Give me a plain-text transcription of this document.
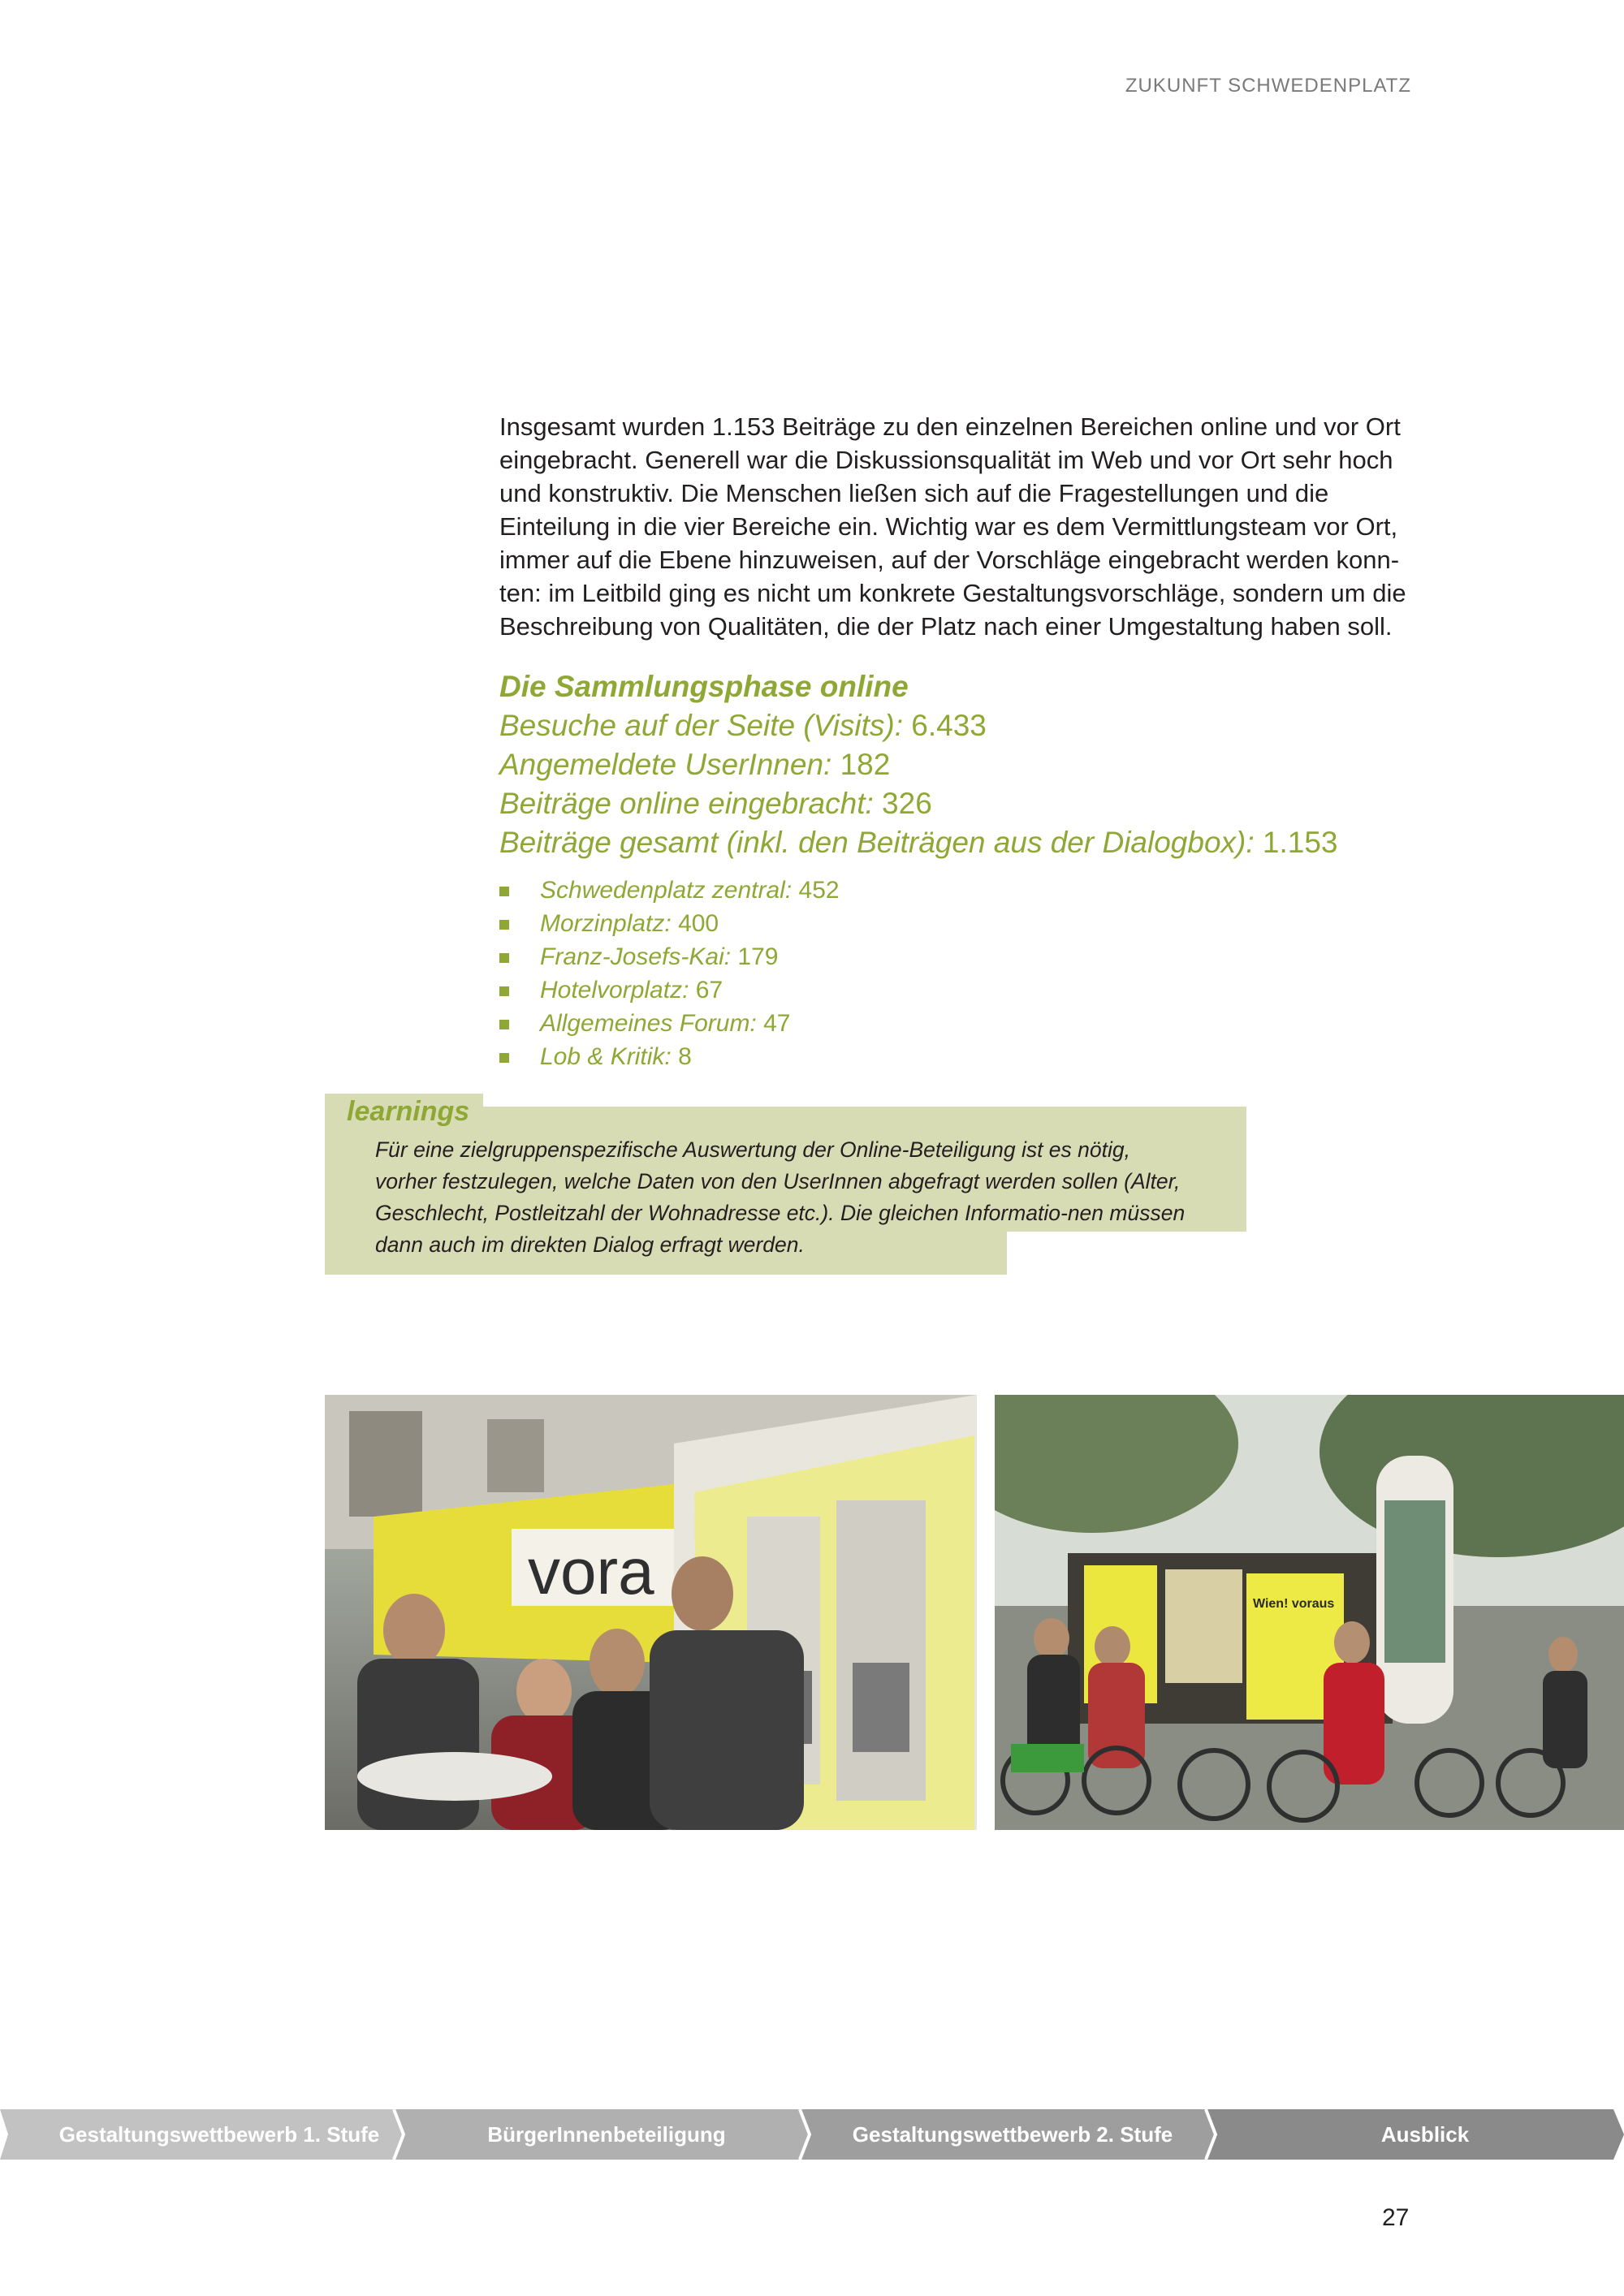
ZUKUNFT SCHWEDENPLATZ

Insgesamt wurden 1.153 Beiträge zu den einzelnen Bereichen online und vor Ort eingebracht. Generell war die Diskussionsqualität im Web und vor Ort sehr hoch und konstruktiv. Die Menschen ließen sich auf die Fragestellungen und die Einteilung in die vier Bereiche ein. Wichtig war es dem Vermittlungsteam vor Ort, immer auf die Ebene hinzuweisen, auf der Vorschläge eingebracht werden konn-ten: im Leitbild ging es nicht um konkrete Gestaltungsvorschläge, sondern um die Beschreibung von Qualitäten, die der Platz nach einer Umgestaltung haben soll.

Die Sammlungsphase online

Besuche auf der Seite (Visits): 6.433

Angemeldete UserInnen: 182

Beiträge online eingebracht: 326

Beiträge gesamt (inkl. den Beiträgen aus der Dialogbox): 1.153

Schwedenplatz zentral: 452
Morzinplatz: 400
Franz-Josefs-Kai: 179
Hotelvorplatz: 67
Allgemeines Forum: 47
Lob & Kritik: 8
learnings

Für eine zielgruppenspezifische Auswertung der Online-Beteiligung ist es nötig, vorher festzulegen, welche Daten von den UserInnen abgefragt werden sollen (Alter, Geschlecht, Postleitzahl der Wohnadresse etc.). Die gleichen Informatio-nen müssen dann auch im direkten Dialog erfragt werden.

vora	Wien! voraus
Gestaltungswettbewerb 1. Stufe	BürgerInnenbeteiligung	Gestaltungswettbewerb 2. Stufe	Ausblick
27
